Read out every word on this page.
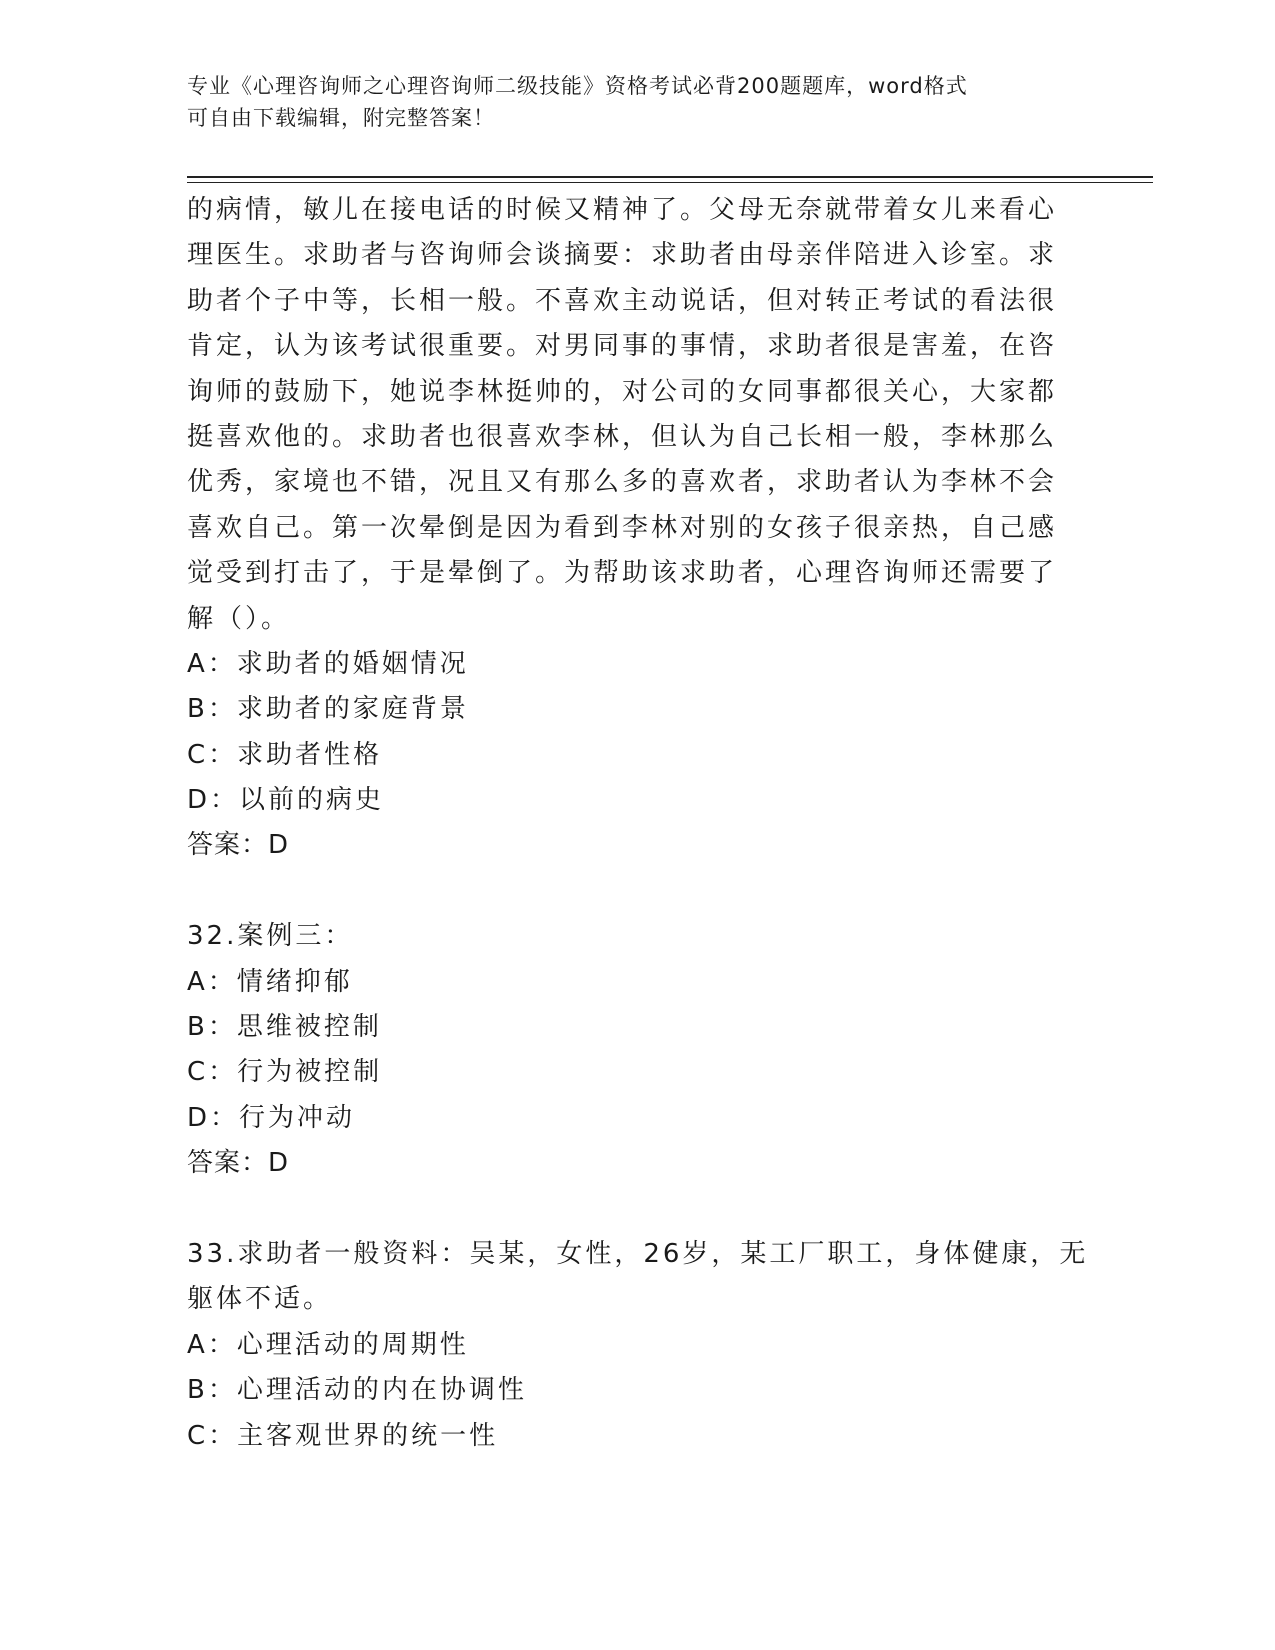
专业《心理咨询师之心理咨询师二级技能》资格考试必背200题题库，word格式
可自由下载编辑，附完整答案！
的病情，敏儿在接电话的时候又精神了。父母无奈就带着女儿来看心
理医生。求助者与咨询师会谈摘要：求助者由母亲伴陪进入诊室。求
助者个子中等，长相一般。不喜欢主动说话，但对转正考试的看法很
肯定，认为该考试很重要。对男同事的事情，求助者很是害羞，在咨
询师的鼓励下，她说李林挺帅的，对公司的女同事都很关心，大家都
挺喜欢他的。求助者也很喜欢李林，但认为自己长相一般，李林那么
优秀，家境也不错，况且又有那么多的喜欢者，求助者认为李林不会
喜欢自己。第一次晕倒是因为看到李林对别的女孩子很亲热，自己感
觉受到打击了，于是晕倒了。为帮助该求助者，心理咨询师还需要了
解（）。
A：求助者的婚姻情况
B：求助者的家庭背景
C：求助者性格
D：以前的病史
答案：D
32.案例三：
A：情绪抑郁
B：思维被控制
C：行为被控制
D：行为冲动
答案：D
33.求助者一般资料：吴某，女性，26岁，某工厂职工，身体健康，无
躯体不适。
A：心理活动的周期性
B：心理活动的内在协调性
C：主客观世界的统一性
